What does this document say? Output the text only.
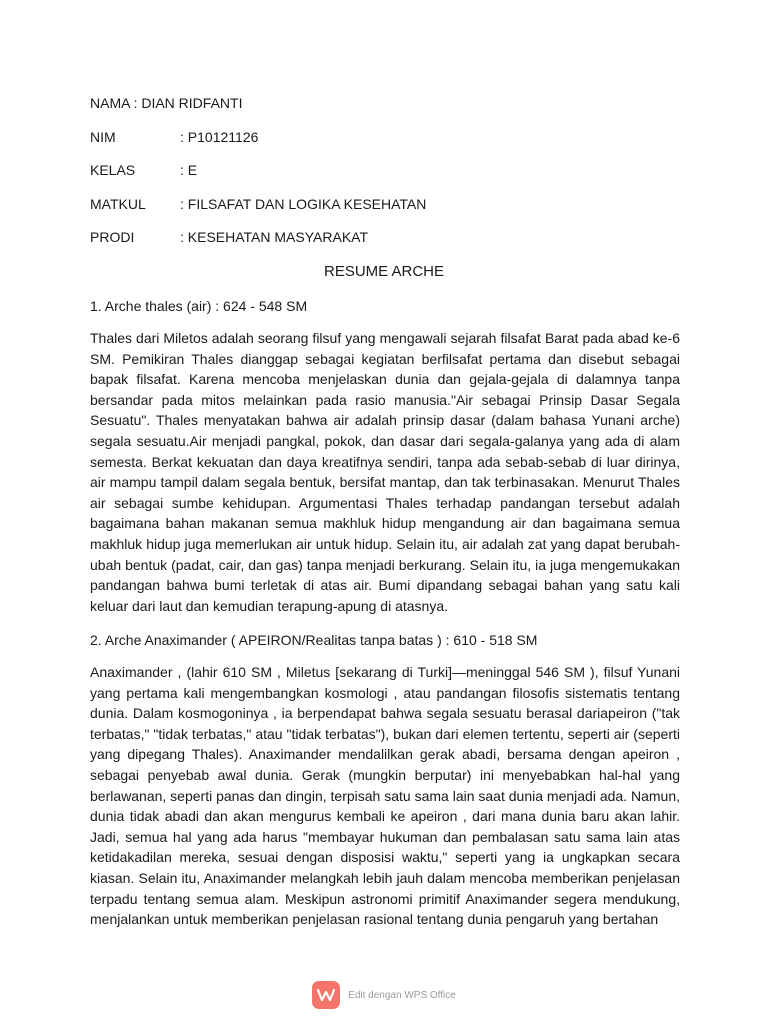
NAMA : DIAN RIDFANTI
NIM	: P10121126
KELAS	: E
MATKUL : FILSAFAT DAN LOGIKA KESEHATAN
PRODI	: KESEHATAN MASYARAKAT
RESUME ARCHE
1. Arche thales (air) : 624 - 548 SM

Thales dari Miletos adalah seorang filsuf yang mengawali sejarah filsafat Barat pada abad ke-6 SM. Pemikiran Thales dianggap sebagai kegiatan berfilsafat pertama dan disebut sebagai bapak filsafat. Karena mencoba menjelaskan dunia dan gejala-gejala di dalamnya tanpa bersandar pada mitos melainkan pada rasio manusia."Air sebagai Prinsip Dasar Segala Sesuatu". Thales menyatakan bahwa air adalah prinsip dasar (dalam bahasa Yunani arche) segala sesuatu.Air menjadi pangkal, pokok, dan dasar dari segala-galanya yang ada di alam semesta. Berkat kekuatan dan daya kreatifnya sendiri, tanpa ada sebab-sebab di luar dirinya, air mampu tampil dalam segala bentuk, bersifat mantap, dan tak terbinasakan. Menurut Thales air sebagai sumbe kehidupan. Argumentasi Thales terhadap pandangan tersebut adalah bagaimana bahan makanan semua makhluk hidup mengandung air dan bagaimana semua makhluk hidup juga memerlukan air untuk hidup. Selain itu, air adalah zat yang dapat berubah-ubah bentuk (padat, cair, dan gas) tanpa menjadi berkurang. Selain itu, ia juga mengemukakan pandangan bahwa bumi terletak di atas air. Bumi dipandang sebagai bahan yang satu kali keluar dari laut dan kemudian terapung-apung di atasnya.

2. Arche Anaximander ( APEIRON/Realitas tanpa batas ) : 610 - 518 SM

Anaximander , (lahir 610 SM , Miletus [sekarang di Turki]—meninggal 546 SM ), filsuf Yunani yang pertama kali mengembangkan kosmologi , atau pandangan filosofis sistematis tentang dunia. Dalam kosmogoninya , ia berpendapat bahwa segala sesuatu berasal dariapeiron ("tak terbatas," "tidak terbatas," atau "tidak terbatas"), bukan dari elemen tertentu, seperti air (seperti yang dipegang Thales). Anaximander mendalilkan gerak abadi, bersama dengan apeiron , sebagai penyebab awal dunia. Gerak (mungkin berputar) ini menyebabkan hal-hal yang berlawanan, seperti panas dan dingin, terpisah satu sama lain saat dunia menjadi ada. Namun, dunia tidak abadi dan akan mengurus kembali ke apeiron , dari mana dunia baru akan lahir. Jadi, semua hal yang ada harus "membayar hukuman dan pembalasan satu sama lain atas ketidakadilan mereka, sesuai dengan disposisi waktu," seperti yang ia ungkapkan secara kiasan. Selain itu, Anaximander melangkah lebih jauh dalam mencoba memberikan penjelasan terpadu tentang semua alam. Meskipun astronomi primitif Anaximander segera mendukung, menjalankan untuk memberikan penjelasan rasional tentang dunia pengaruh yang bertahan

Edit dengan WPS Office
